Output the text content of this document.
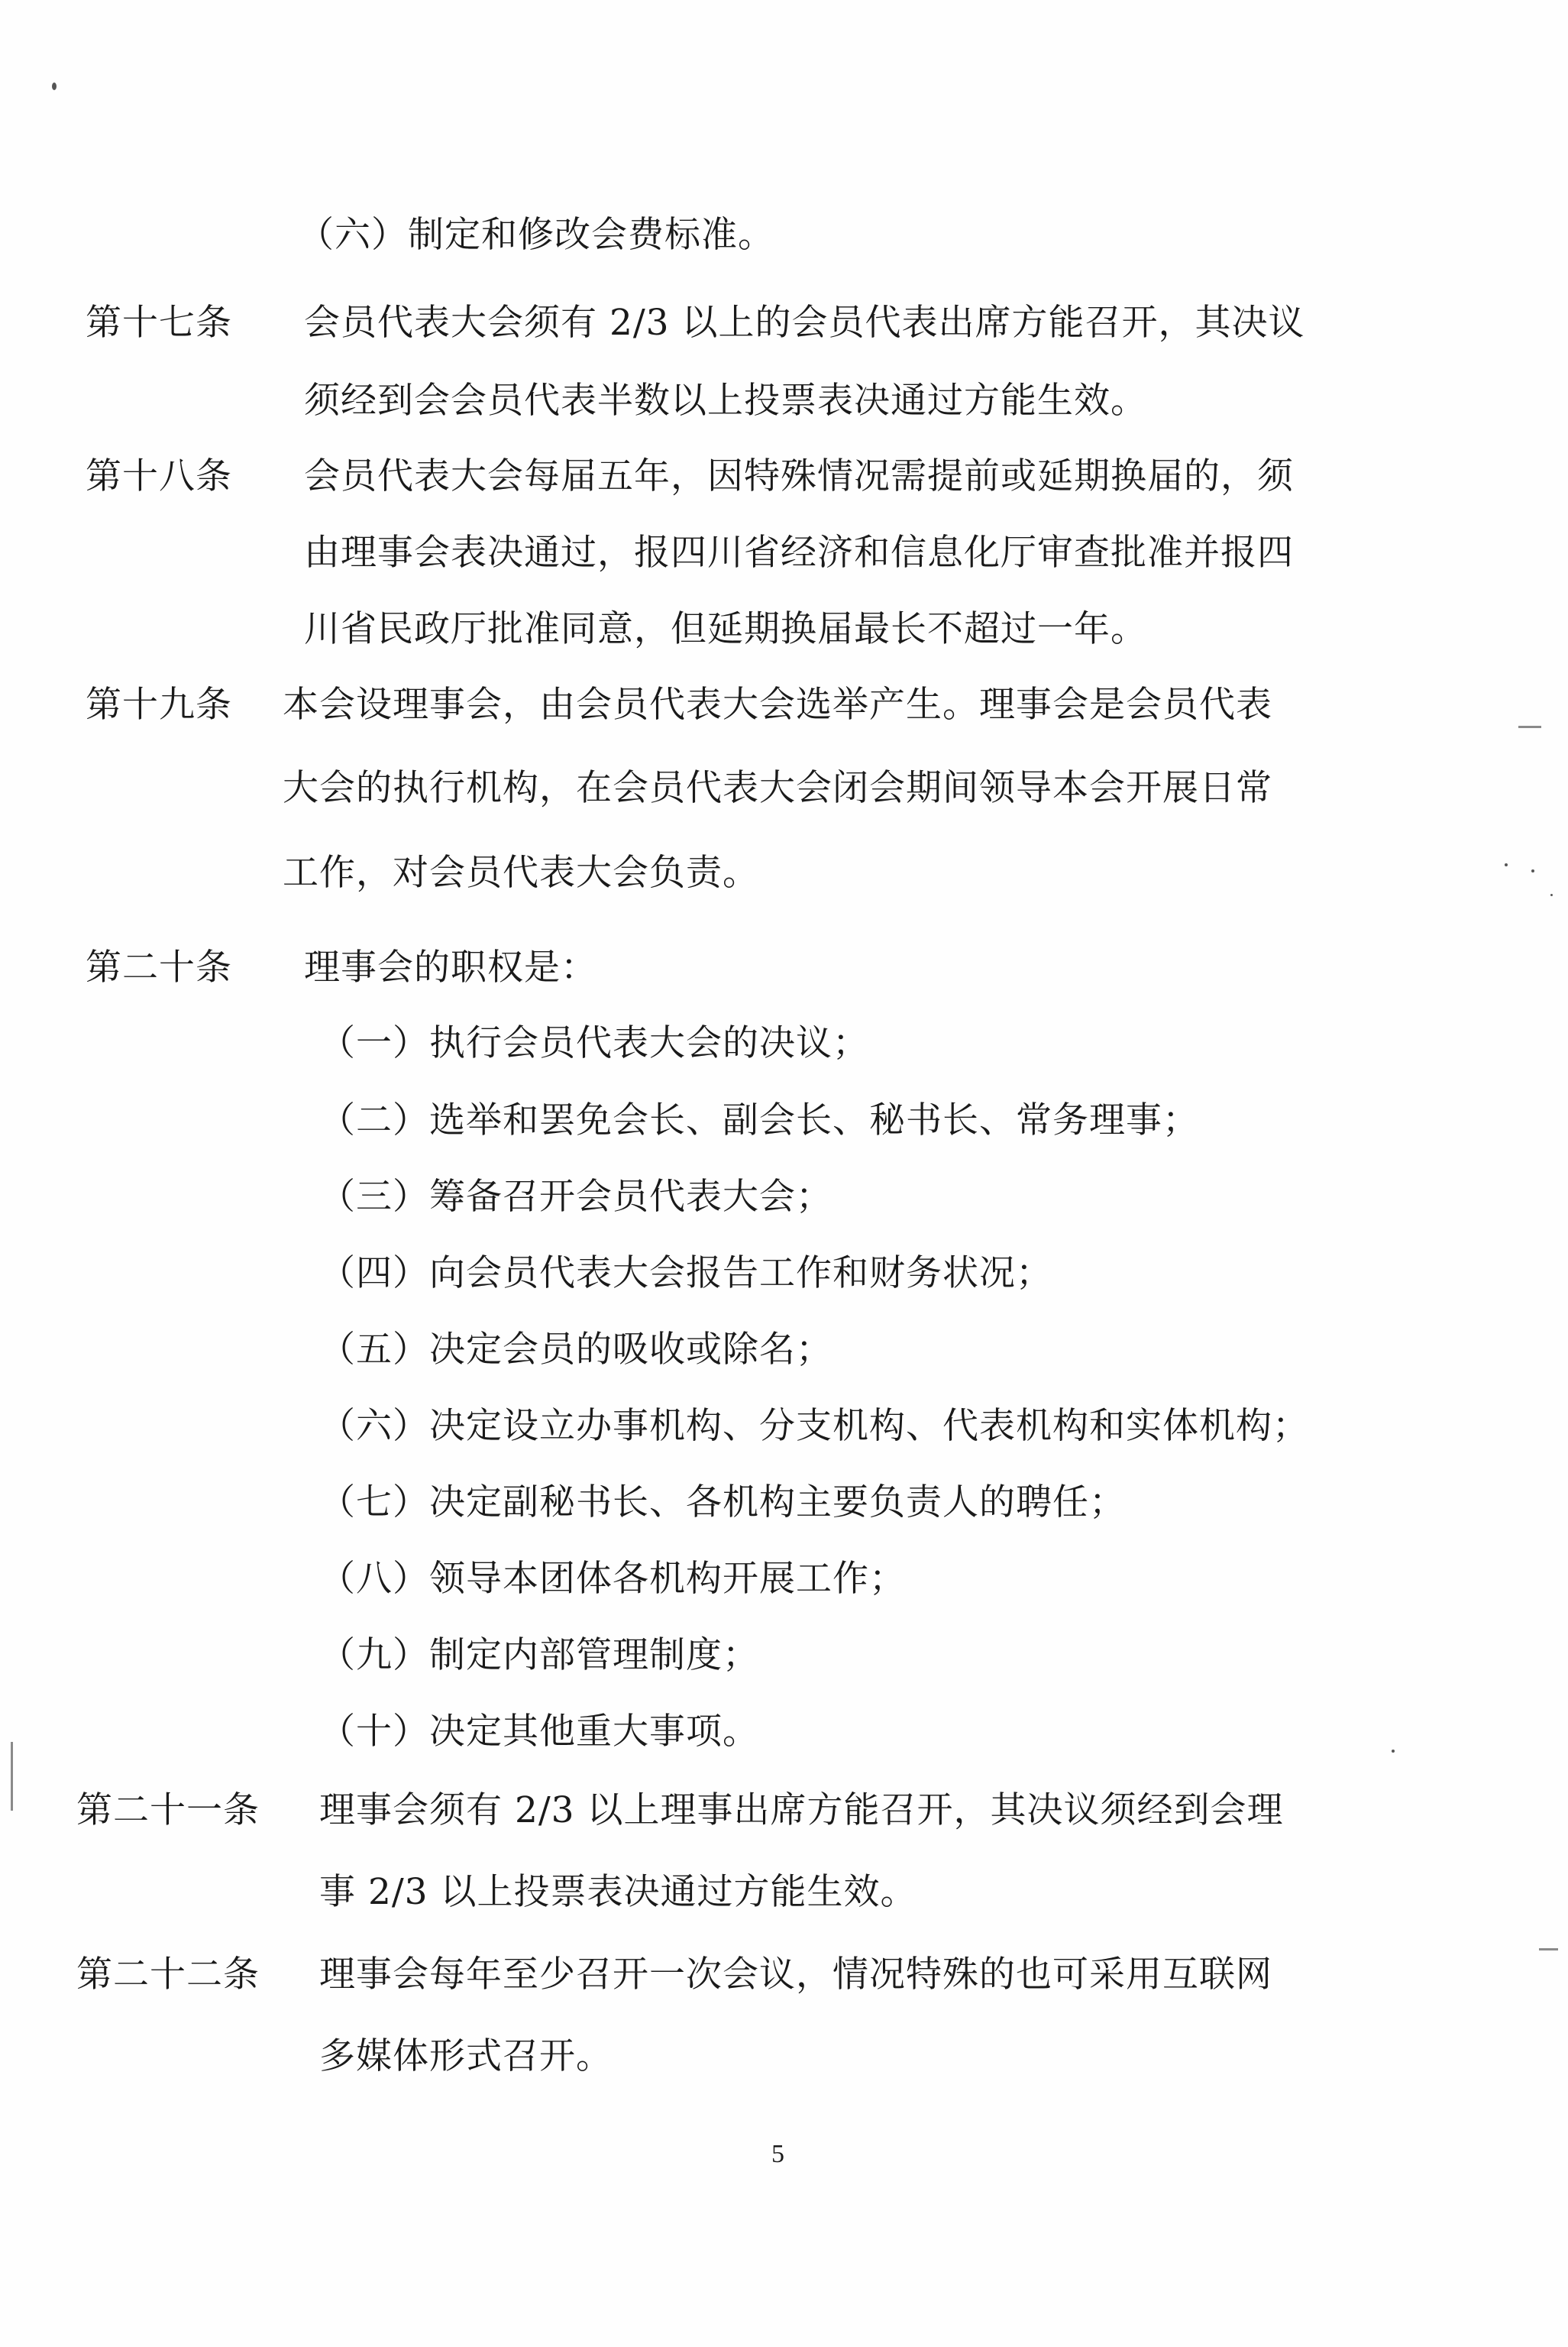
（六）制定和修改会费标准。
第十七条 会员代表大会须有 2/3 以上的会员代表出席方能召开，其决议
须经到会会员代表半数以上投票表决通过方能生效。
第十八条 会员代表大会每届五年，因特殊情况需提前或延期换届的，须
由理事会表决通过，报四川省经济和信息化厅审查批准并报四
川省民政厅批准同意，但延期换届最长不超过一年。
第十九条 本会设理事会，由会员代表大会选举产生。理事会是会员代表
大会的执行机构，在会员代表大会闭会期间领导本会开展日常
工作，对会员代表大会负责。
第二十条 理事会的职权是：
（一）执行会员代表大会的决议；
（二）选举和罢免会长、副会长、秘书长、常务理事；
（三）筹备召开会员代表大会；
（四）向会员代表大会报告工作和财务状况；
（五）决定会员的吸收或除名；
（六）决定设立办事机构、分支机构、代表机构和实体机构；
（七）决定副秘书长、各机构主要负责人的聘任；
（八）领导本团体各机构开展工作；
（九）制定内部管理制度；
（十）决定其他重大事项。
第二十一条 理事会须有 2/3 以上理事出席方能召开，其决议须经到会理
事 2/3 以上投票表决通过方能生效。
第二十二条 理事会每年至少召开一次会议，情况特殊的也可采用互联网
多媒体形式召开。
5
